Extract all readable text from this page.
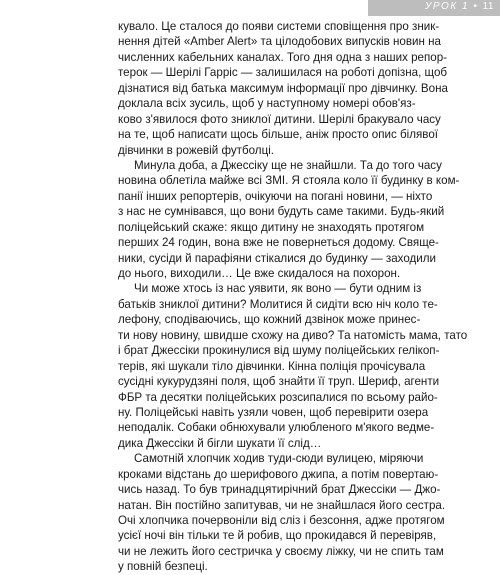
УРОК 1 • 11
кувало. Це сталося до появи системи сповіщення про зник-
нення дітей «Amber Alert» та цілодобових випусків новин на
численних кабельних каналах. Того дня одна з наших репор-
терок — Шерілі Гарріс — залишилася на роботі допізна, щоб
дізнатися від батька максимум інформації про дівчинку. Вона
доклала всіх зусиль, щоб у наступному номері обов'яз-
ково з'явилося фото зниклої дитини. Шерілі бракувало часу
на те, щоб написати щось більше, аніж просто опис білявої
дівчинки в рожевій футболці.
Минула доба, а Джессіку ще не знайшли. Та до того часу
новина облетіла майже всі ЗМІ. Я стояла коло її будинку в ком-
панії інших репортерів, очікуючи на погані новини, — ніхто
з нас не сумнівався, що вони будуть саме такими. Будь-який
поліцейський скаже: якщо дитину не знаходять протягом
перших 24 годин, вона вже не повернеться додому. Свяще-
ники, сусіди й парафіяни стікалися до будинку — заходили
до нього, виходили… Це вже скидалося на похорон.
Чи може хтось із нас уявити, як воно — бути одним із
батьків зниклої дитини? Молитися й сидіти всю ніч коло те-
лефону, сподіваючись, що кожний дзвінок може принес-
ти нову новину, швидше схожу на диво? Та натомість мама, тато
і брат Джессіки прокинулися від шуму поліцейських гелікоп-
терів, які шукали тіло дівчинки. Кінна поліція прочісувала
сусідні кукурудзяні поля, щоб знайти її труп. Шериф, агенти
ФБР та десятки поліцейських розсипалися по всьому райо-
ну. Поліцейські навіть узяли човен, щоб перевірити озера
неподалік. Собаки обнюхували улюбленого м'якого ведме-
дика Джессіки й бігли шукати її слід…
Самотній хлопчик ходив туди-сюди вулицею, міряючи
кроками відстань до шерифового джипа, а потім повертаю-
чись назад. То був тринадцятирічний брат Джессіки — Джо-
натан. Він постійно запитував, чи не знайшлася його сестра.
Очі хлопчика почервоніли від сліз і безсоння, адже протягом
усієї ночі він тільки те й робив, що прокидався й перевіряв,
чи не лежить його сестричка у своєму ліжку, чи не спить там
у повній безпеці.
